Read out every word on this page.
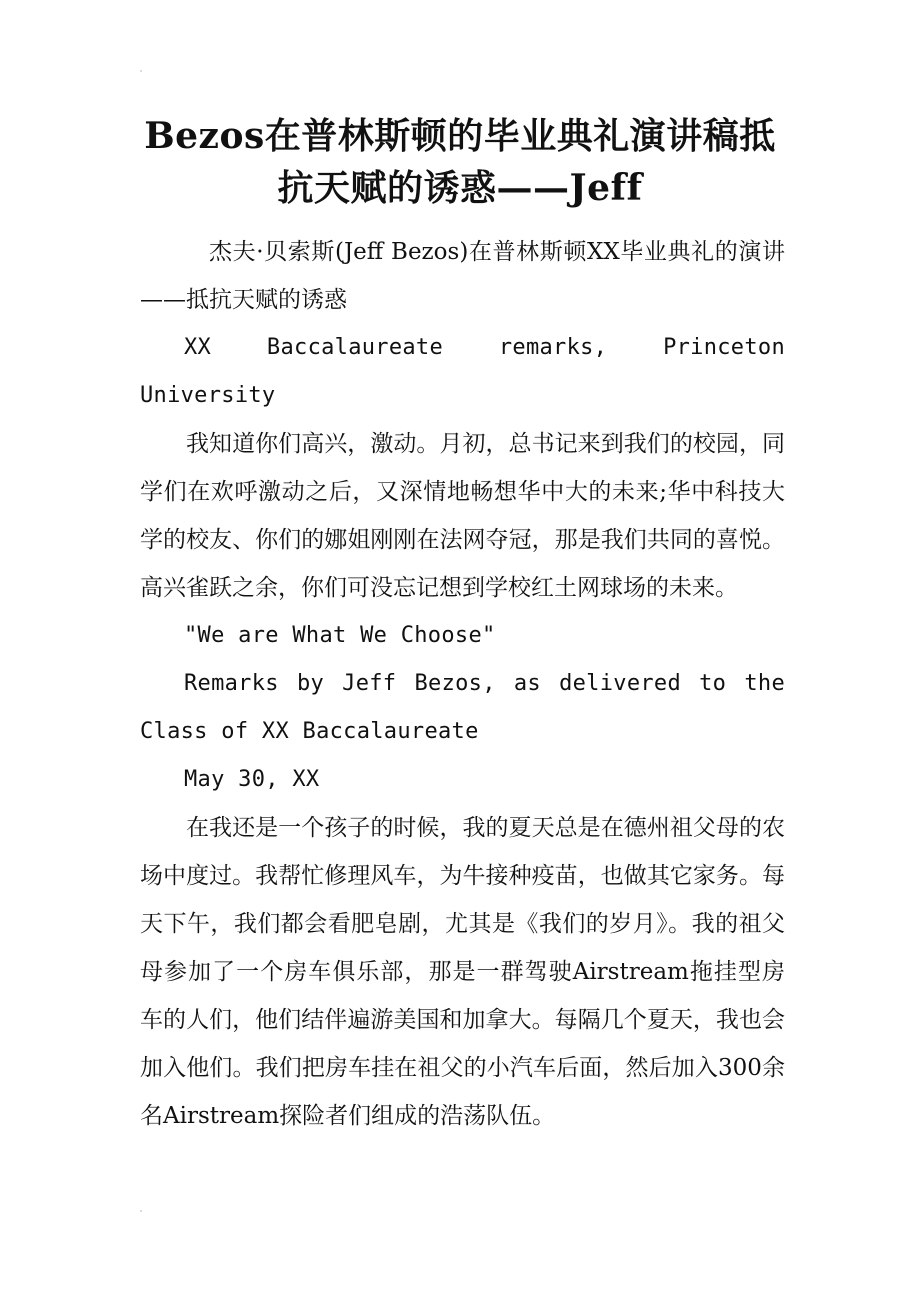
Bezos在普林斯顿的毕业典礼演讲稿抵
抗天赋的诱惑——Jeff

杰夫·贝索斯(Jeff Bezos)在普林斯顿XX毕业典礼的演讲——抵抗天赋的诱惑

XX Baccalaureate remarks, Princeton University

我知道你们高兴，激动。月初，总书记来到我们的校园，同学们在欢呼激动之后，又深情地畅想华中大的未来;华中科技大学的校友、你们的娜姐刚刚在法网夺冠，那是我们共同的喜悦。高兴雀跃之余，你们可没忘记想到学校红土网球场的未来。

"We are What We Choose"

Remarks by Jeff Bezos, as delivered to the Class of XX Baccalaureate

May 30, XX

在我还是一个孩子的时候，我的夏天总是在德州祖父母的农场中度过。我帮忙修理风车，为牛接种疫苗，也做其它家务。每天下午，我们都会看肥皂剧，尤其是《我们的岁月》。我的祖父母参加了一个房车俱乐部，那是一群驾驶Airstream拖挂型房车的人们，他们结伴遍游美国和加拿大。每隔几个夏天，我也会加入他们。我们把房车挂在祖父的小汽车后面，然后加入300余名Airstream探险者们组成的浩荡队伍。
